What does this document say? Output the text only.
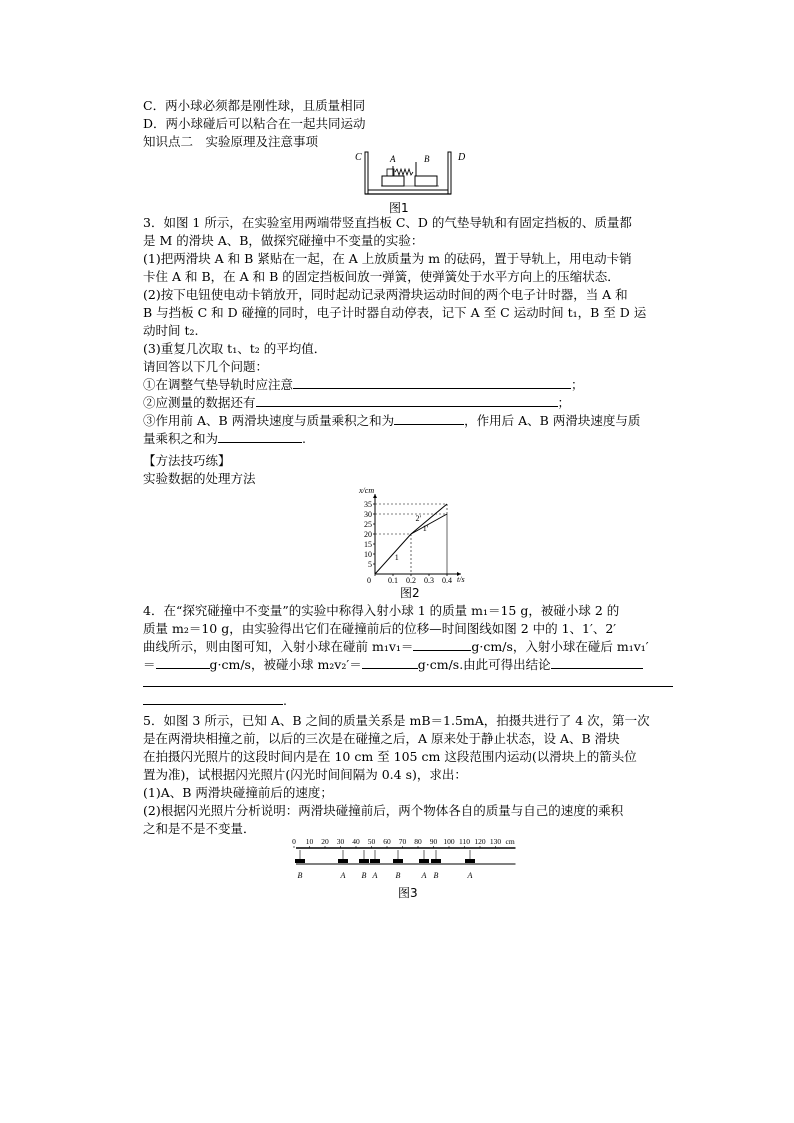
C．两小球必须都是刚性球，且质量相同
D．两小球碰后可以粘合在一起共同运动
知识点二　实验原理及注意事项
C	D
A	B
图1
3．如图 1 所示，在实验室用两端带竖直挡板 C、D 的气垫导轨和有固定挡板的、质量都
是 M 的滑块 A、B，做探究碰撞中不变量的实验：
(1)把两滑块 A 和 B 紧贴在一起，在 A 上放质量为 m 的砝码，置于导轨上，用电动卡销
卡住 A 和 B，在 A 和 B 的固定挡板间放一弹簧，使弹簧处于水平方向上的压缩状态．
(2)按下电钮使电动卡销放开，同时起动记录两滑块运动时间的两个电子计时器，当 A 和
B 与挡板 C 和 D 碰撞的同时，电子计时器自动停表，记下 A 至 C 运动时间 t₁，B 至 D 运
动时间 t₂.
(3)重复几次取 t₁、t₂ 的平均值．
请回答以下几个问题：
①在调整气垫导轨时应注意	；
②应测量的数据还有	；
③作用前 A、B 两滑块速度与质量乘积之和为	，作用后 A、B 两滑块速度与质
量乘积之和为	.
【方法技巧练】
实验数据的处理方法
x/cm
t/s
5
10
15
20
25
30
35
0 0.1 0.2 0.3 0.4
1
1′
2′
图2
4．在“探究碰撞中不变量”的实验中称得入射小球 1 的质量 m₁＝15 g，被碰小球 2 的
质量 m₂＝10 g，由实验得出它们在碰撞前后的位移—时间图线如图 2 中的 1、1′、2′
曲线所示，则由图可知，入射小球在碰前 m₁v₁＝	g·cm/s，入射小球在碰后 m₁v₁′
＝	g·cm/s，被碰小球 m₂v₂′＝	g·cm/s.由此可得出结论
.
5．如图 3 所示，已知 A、B 之间的质量关系是 mB＝1.5mA，拍摄共进行了 4 次，第一次
是在两滑块相撞之前，以后的三次是在碰撞之后，A 原来处于静止状态，设 A、B 滑块
在拍摄闪光照片的这段时间内是在 10 cm 至 105 cm 这段范围内运动(以滑块上的箭头位
置为准)，试根据闪光照片(闪光时间间隔为 0.4 s)，求出：
(1)A、B 两滑块碰撞前后的速度；
(2)根据闪光照片分析说明：两滑块碰撞前后，两个物体各自的质量与自己的速度的乘积
之和是不是不变量．
0 10 20 30 40 50 60 70 80 90 100 110 120 130 cm
B	A B A B	A B	A
图3
